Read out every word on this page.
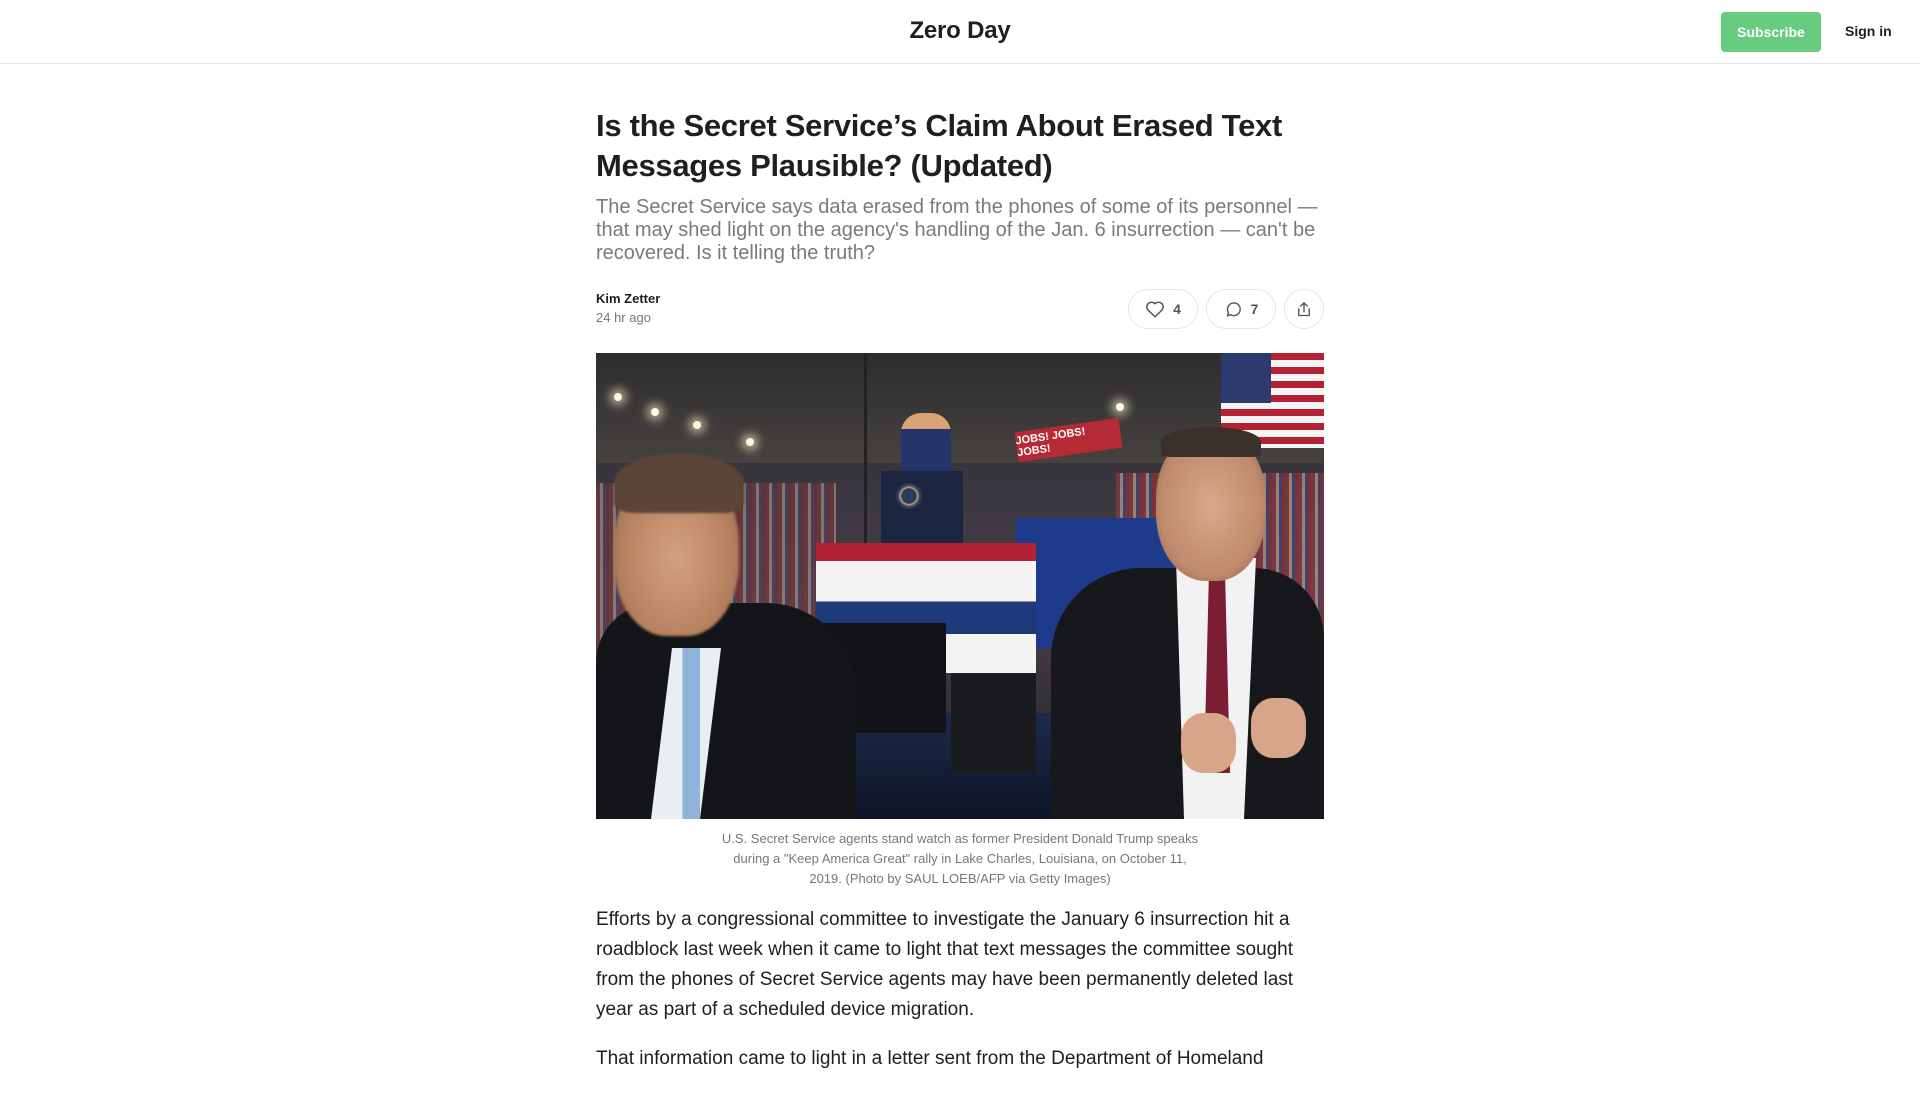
Zero Day	Subscribe	Sign in
Is the Secret Service’s Claim About Erased Text Messages Plausible? (Updated)
The Secret Service says data erased from the phones of some of its personnel — that may shed light on the agency's handling of the Jan. 6 insurrection — can't be recovered. Is it telling the truth?
Kim Zetter
24 hr ago
4	7
JOBS! JOBS! JOBS!
U.S. Secret Service agents stand watch as former President Donald Trump speaks during a "Keep America Great" rally in Lake Charles, Louisiana, on October 11, 2019. (Photo by SAUL LOEB/AFP via Getty Images)

Efforts by a congressional committee to investigate the January 6 insurrection hit a roadblock last week when it came to light that text messages the committee sought from the phones of Secret Service agents may have been permanently deleted last year as part of a scheduled device migration.

That information came to light in a letter sent from the Department of Homeland
